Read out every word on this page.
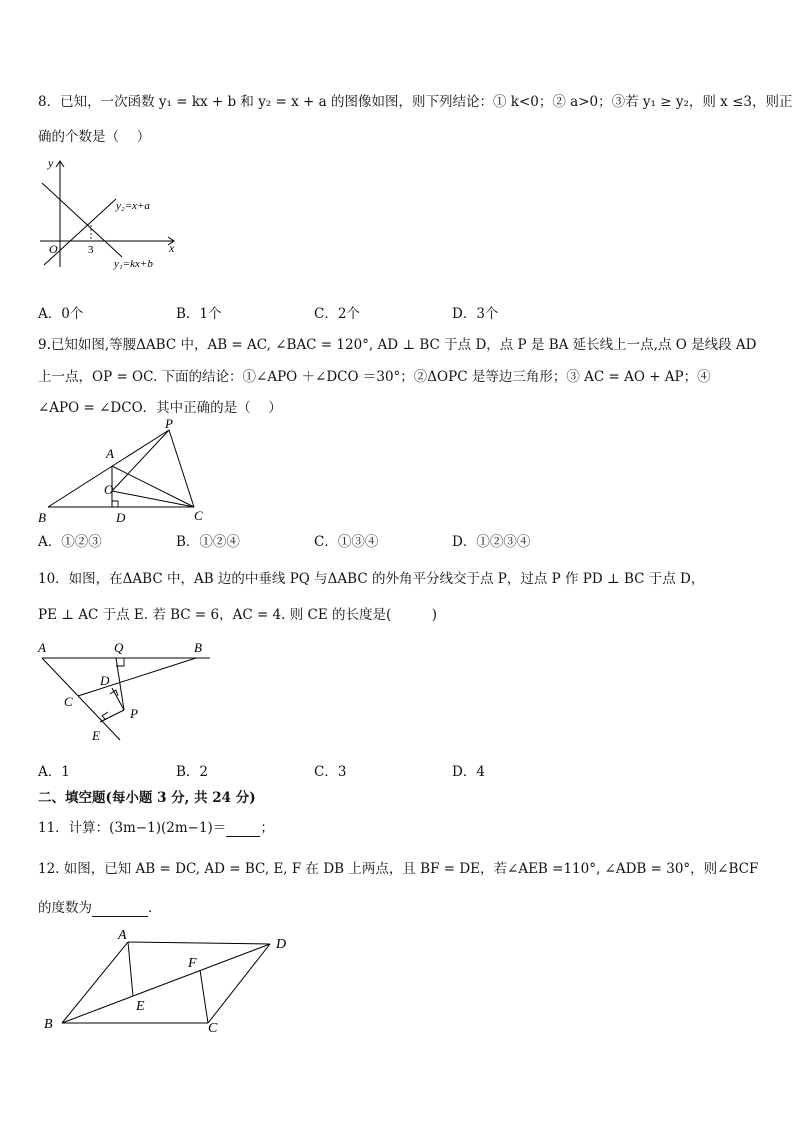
8．已知，一次函数 y₁ = kx + b 和 y₂ = x + a 的图像如图，则下列结论：① k<0；② a>0；③若 y₁ ≥ y₂，则 x ≤3，则正
确的个数是（　 ）
y
x
O	3
y₂=x+a
y₁=kx+b
A．0个	B．1个	C．2个	D．3个
9.已知如图,等腰ΔABC 中，AB = AC, ∠BAC = 120°, AD ⊥ BC 于点 D，点 P 是 BA 延长线上一点,点 O 是线段 AD
上一点，OP = OC. 下面的结论：①∠APO ＋∠DCO ＝30°；②ΔOPC 是等边三角形；③ AC = AO + AP；④
∠APO = ∠DCO．其中正确的是（　 ）
P
A
O
B	D	C
A．①②③	B．①②④	C．①③④	D．①②③④
10．如图，在ΔABC 中，AB 边的中垂线 PQ 与ΔABC 的外角平分线交于点 P，过点 P 作 PD ⊥ BC 于点 D，
PE ⊥ AC 于点 E. 若 BC = 6，AC = 4. 则 CE 的长度是(　　　)
A	Q	B
D
C
P
E
A．1	B．2	C．3	D．4
二、填空题(每小题 3 分, 共 24 分)
11．计算：(3m−1)(2m−1)＝	；
12. 如图，已知 AB = DC, AD = BC, E, F 在 DB 上两点，且 BF = DE，若∠AEB =110°, ∠ADB = 30°，则∠BCF
的度数为	．
A
D
F
E
B	C
